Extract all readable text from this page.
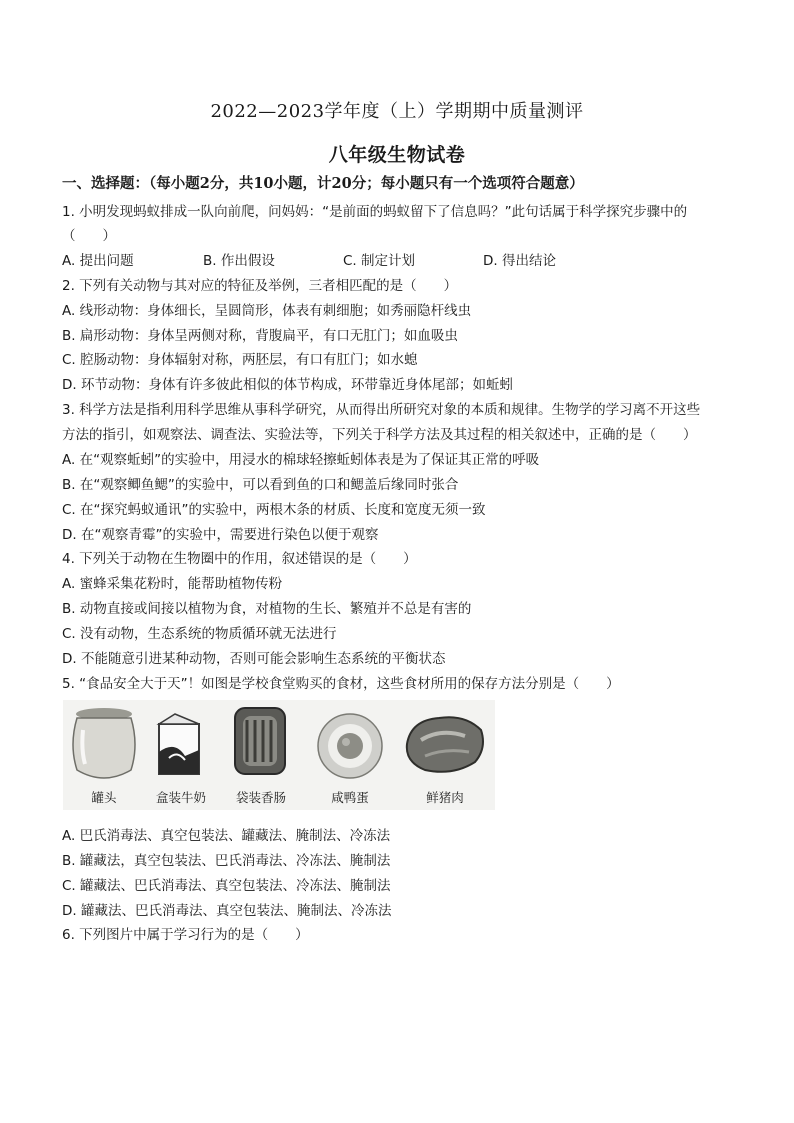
2022—2023学年度（上）学期期中质量测评
八年级生物试卷
一、选择题：（每小题2分，共10小题，计20分；每小题只有一个选项符合题意）
1. 小明发现蚂蚁排成一队向前爬，问妈妈：“是前面的蚂蚁留下了信息吗？”此句话属于科学探究步骤中的
（　　）
A. 提出问题	B. 作出假设	C. 制定计划	D. 得出结论
2. 下列有关动物与其对应的特征及举例，三者相匹配的是（　　）
A. 线形动物：身体细长，呈圆筒形，体表有刺细胞；如秀丽隐杆线虫
B. 扁形动物：身体呈两侧对称，背腹扁平，有口无肛门；如血吸虫
C. 腔肠动物：身体辐射对称，两胚层，有口有肛门；如水螅
D. 环节动物：身体有许多彼此相似的体节构成，环带靠近身体尾部；如蚯蚓
3. 科学方法是指利用科学思维从事科学研究，从而得出所研究对象的本质和规律。生物学的学习离不开这些
方法的指引，如观察法、调查法、实验法等，下列关于科学方法及其过程的相关叙述中，正确的是（　　）
A. 在“观察蚯蚓”的实验中，用浸水的棉球轻擦蚯蚓体表是为了保证其正常的呼吸
B. 在“观察鲫鱼鳃”的实验中，可以看到鱼的口和鳃盖后缘同时张合
C. 在“探究蚂蚁通讯”的实验中，两根木条的材质、长度和宽度无须一致
D. 在“观察青霉”的实验中，需要进行染色以便于观察
4. 下列关于动物在生物圈中的作用，叙述错误的是（　　）
A. 蜜蜂采集花粉时，能帮助植物传粉
B. 动物直接或间接以植物为食，对植物的生长、繁殖并不总是有害的
C. 没有动物，生态系统的物质循环就无法进行
D. 不能随意引进某种动物，否则可能会影响生态系统的平衡状态
5. “食品安全大于天”！如图是学校食堂购买的食材，这些食材所用的保存方法分别是（　　）
罐头	盒装牛奶	袋装香肠	咸鸭蛋	鲜猪肉
A. 巴氏消毒法、真空包装法、罐藏法、腌制法、冷冻法
B. 罐藏法，真空包装法、巴氏消毒法、冷冻法、腌制法
C. 罐藏法、巴氏消毒法、真空包装法、冷冻法、腌制法
D. 罐藏法、巴氏消毒法、真空包装法、腌制法、冷冻法
6. 下列图片中属于学习行为的是（　　）
